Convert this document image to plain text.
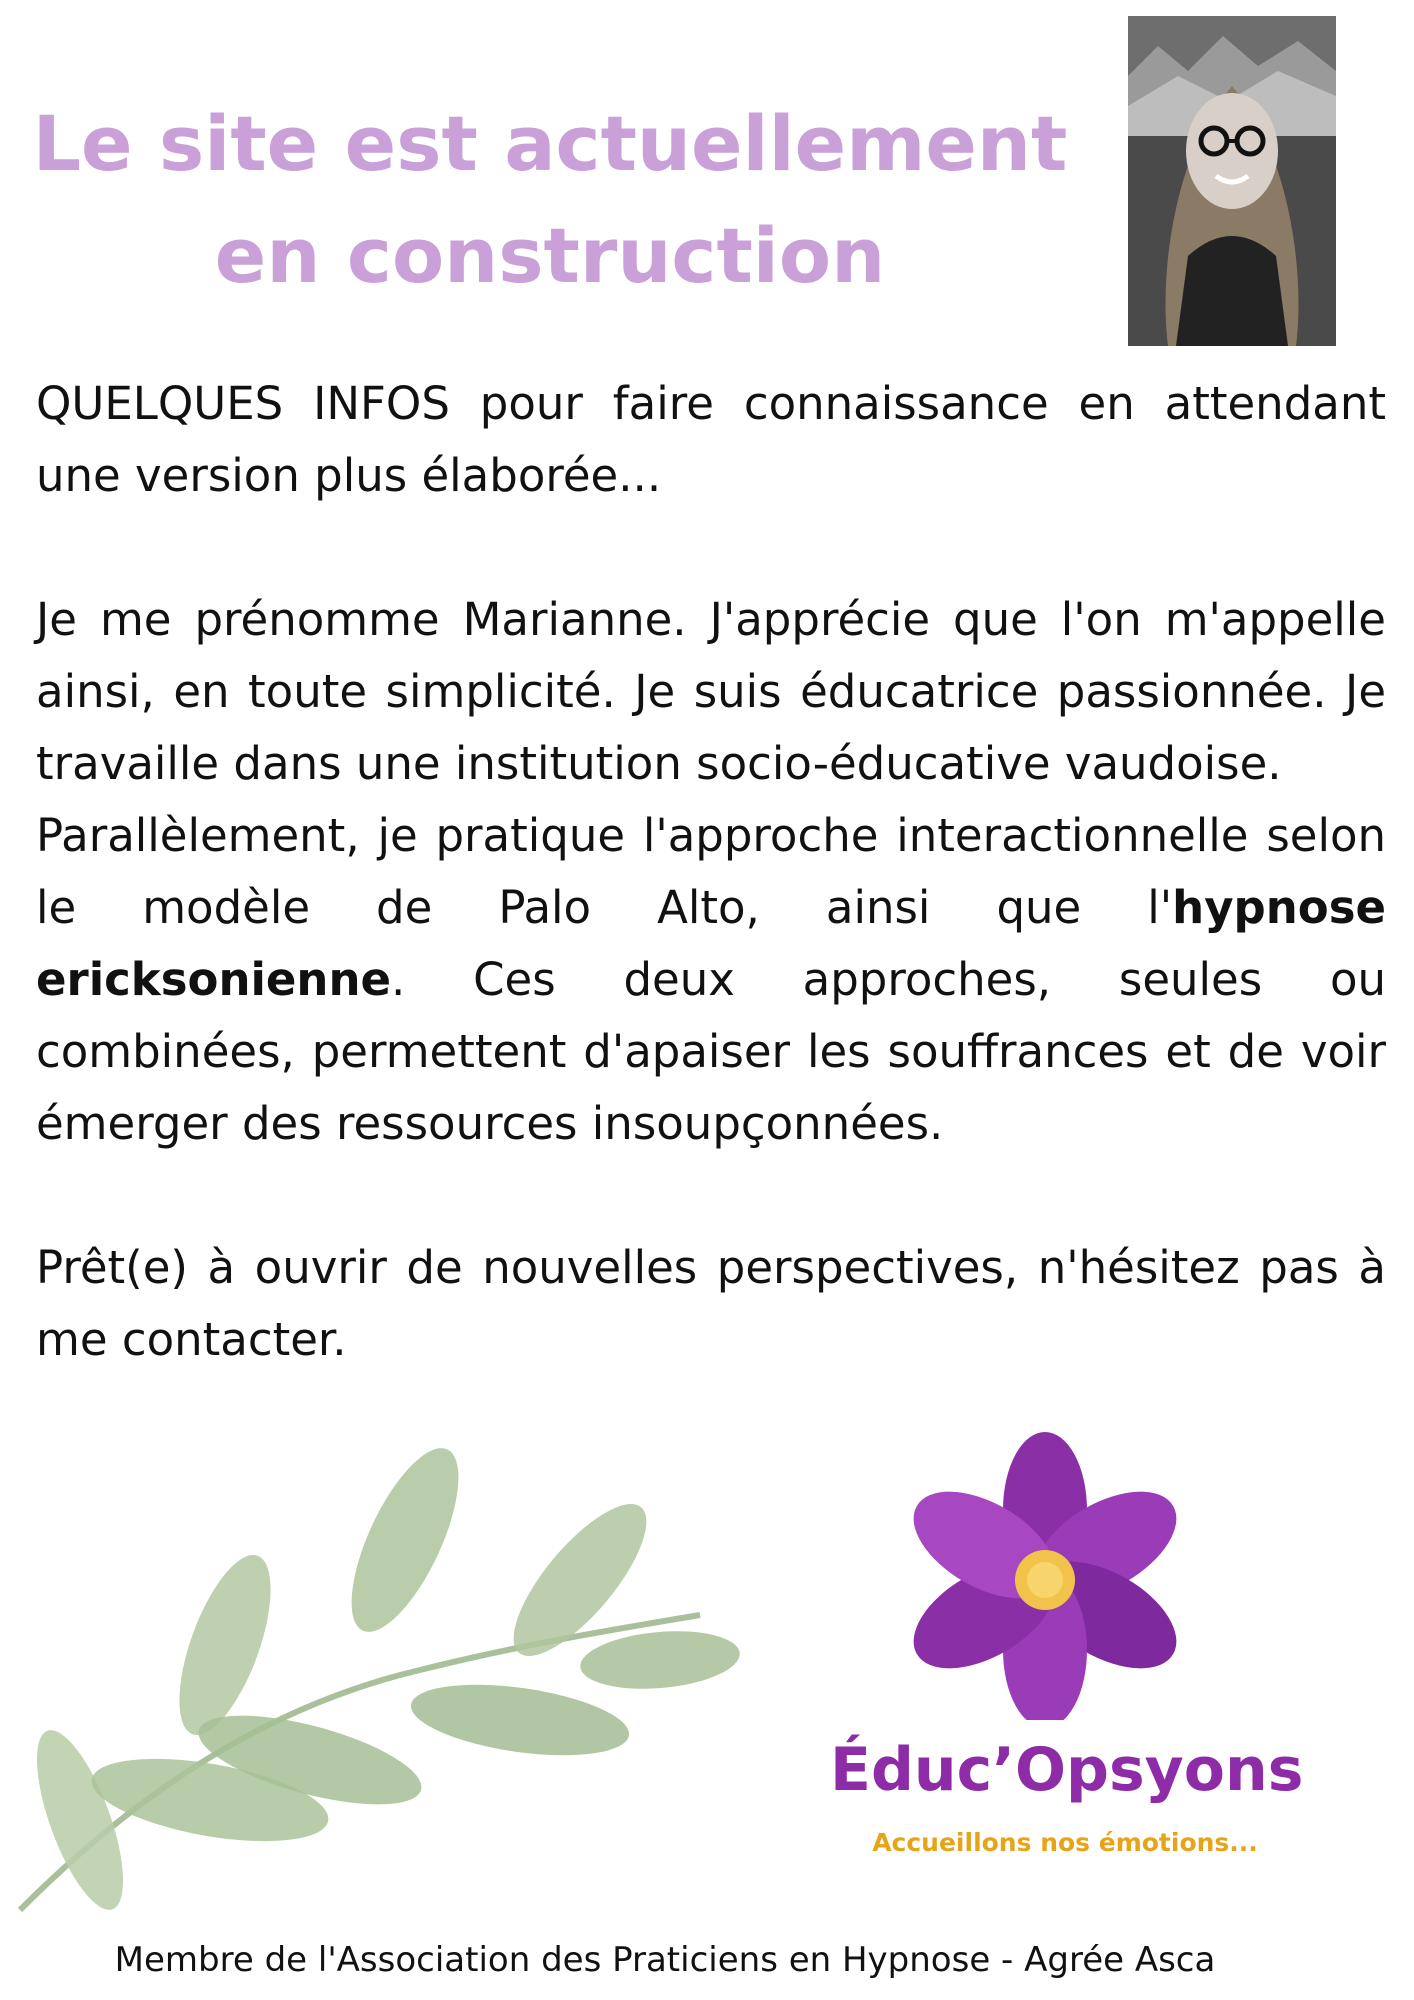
Le site est actuellement
en construction

QUELQUES INFOS pour faire connaissance en attendant une version plus élaborée...

Je me prénomme Marianne. J'apprécie que l'on m'appelle ainsi, en toute simplicité. Je suis éducatrice passionnée. Je travaille dans une institution socio-éducative vaudoise.

Parallèlement, je pratique l'approche interactionnelle selon le modèle de Palo Alto, ainsi que l'hypnose ericksonienne. Ces deux approches, seules ou combinées, permettent d'apaiser les souffrances et de voir émerger des ressources insoupçonnées.

Prêt(e) à ouvrir de nouvelles perspectives, n'hésitez pas à me contacter.

Éduc’Opsyons
Accueillons nos émotions...
Membre de l'Association des Praticiens en Hypnose - Agrée Asca
